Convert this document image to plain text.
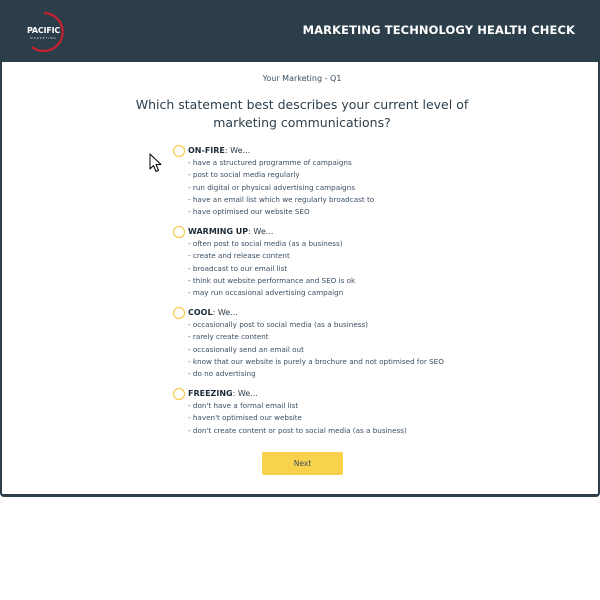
PACIFIC
MARKETING
MARKETING TECHNOLOGY HEALTH CHECK
Your Marketing - Q1
Which statement best describes your current level of marketing communications?
ON-FIRE: We...
- have a structured programme of campaigns
- post to social media regularly
- run digital or physical advertising campaigns
- have an email list which we regularly broadcast to
- have optimised our website SEO
WARMING UP: We...
- often post to social media (as a business)
- create and release content
- broadcast to our email list
- think out website performance and SEO is ok
- may run occasional advertising campaign
COOL: We...
- occasionally post to social media (as a business)
- rarely create content
- occasionally send an email out
- know that our website is purely a brochure and not optimised for SEO
- do no advertising
FREEZING: We...
- don't have a formal email list
- haven't optimised our website
- don't create content or post to social media (as a business)
Next
